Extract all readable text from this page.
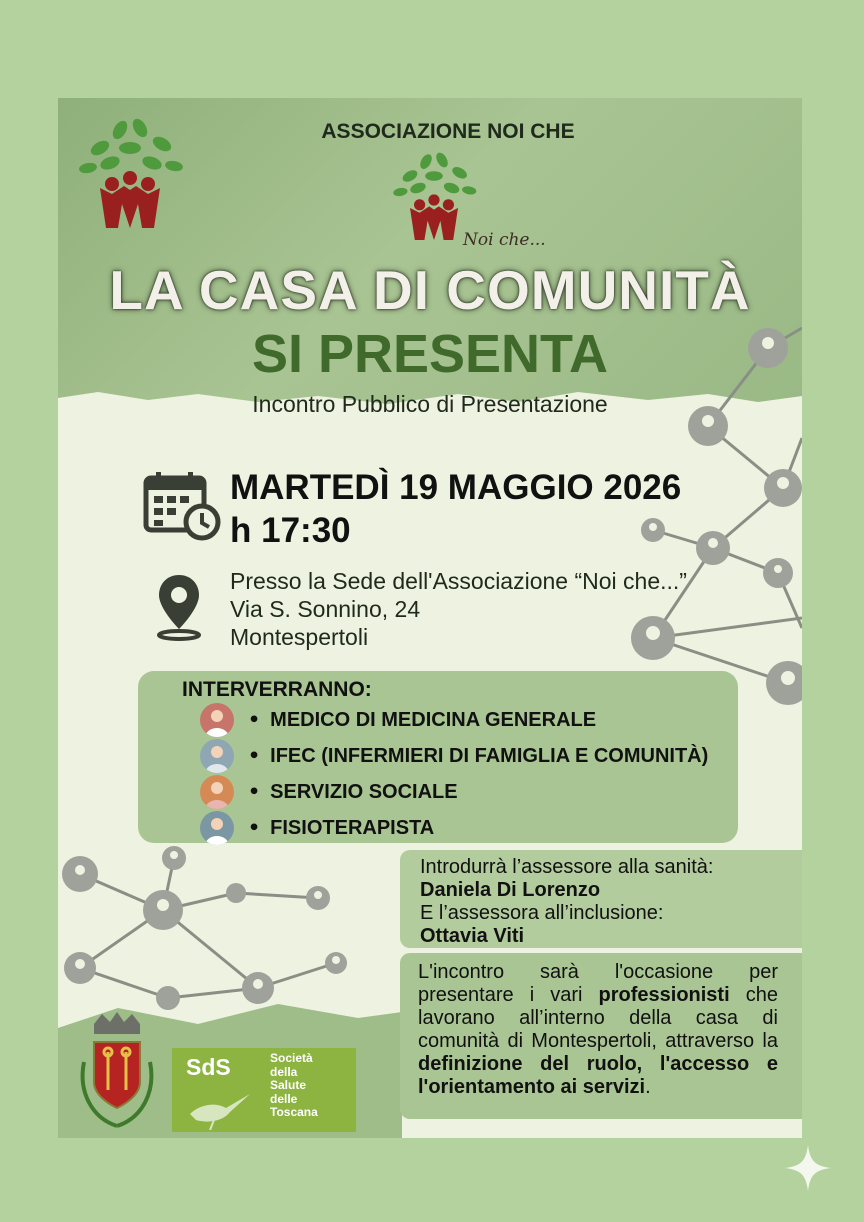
ASSOCIAZIONE NOI CHE
Noi che...
LA CASA DI COMUNITÀ
SI PRESENTA
Incontro Pubblico di Presentazione
MARTEDÌ 19 MAGGIO 2026
h 17:30
Presso la Sede dell'Associazione “Noi che...”
Via S. Sonnino, 24
Montespertoli
INTERVERRANNO:
• MEDICO DI MEDICINA GENERALE
• IFEC (INFERMIERI DI FAMIGLIA E COMUNITÀ)
• SERVIZIO SOCIALE
• FISIOTERAPISTA
Introdurrà l’assessore alla sanità:
Daniela Di Lorenzo
E l’assessora all’inclusione:
Ottavia Viti
L'incontro sarà l'occasione per presentare i vari professionisti che lavorano all’interno della casa di comunità di Montespertoli, attraverso la definizione del ruolo, l'accesso e l'orientamento ai servizi.
SdS	Società
della
Salute
delle
Toscana
